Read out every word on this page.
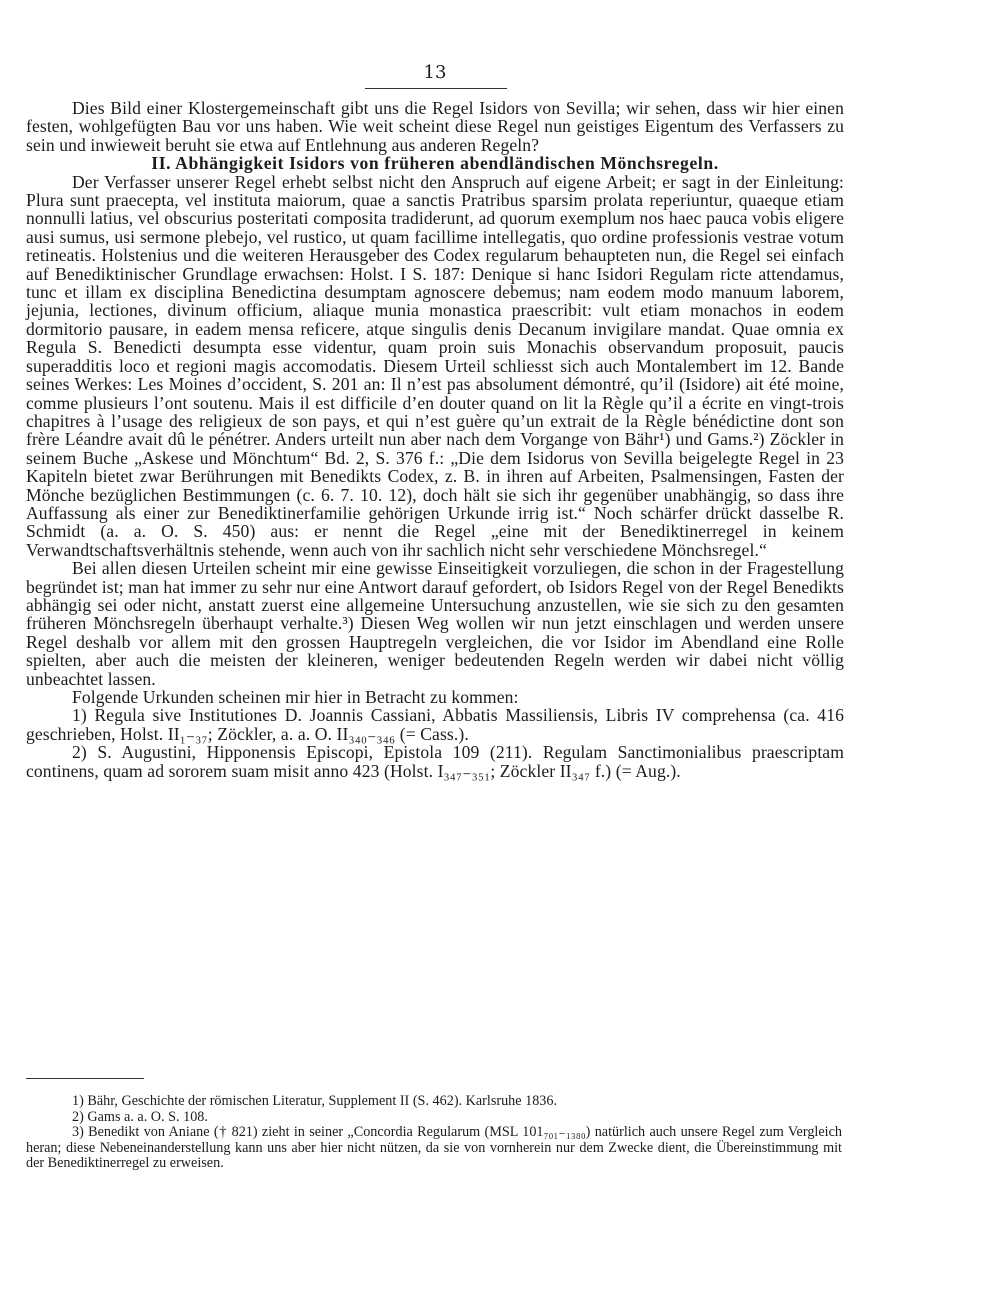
13

Dies Bild einer Klostergemeinschaft gibt uns die Regel Isidors von Sevilla; wir sehen, dass wir hier einen festen, wohlgefügten Bau vor uns haben. Wie weit scheint diese Regel nun geistiges Eigentum des Verfassers zu sein und inwieweit beruht sie etwa auf Entlehnung aus anderen Regeln?

II. Abhängigkeit Isidors von früheren abendländischen Mönchsregeln.

Der Verfasser unserer Regel erhebt selbst nicht den Anspruch auf eigene Arbeit; er sagt in der Einleitung: Plura sunt praecepta, vel instituta maiorum, quae a sanctis Pratribus sparsim prolata reperiuntur, quaeque etiam nonnulli latius, vel obscurius posteritati composita tradiderunt, ad quorum exemplum nos haec pauca vobis eligere ausi sumus, usi sermone plebejo, vel rustico, ut quam facillime intellegatis, quo ordine professionis vestrae votum retineatis. Holstenius und die weiteren Herausgeber des Codex regularum behaupteten nun, die Regel sei einfach auf Benediktinischer Grundlage erwachsen: Holst. I S. 187: Denique si hanc Isidori Regulam ricte attendamus, tunc et illam ex disciplina Benedictina desumptam agnoscere debemus; nam eodem modo manuum laborem, jejunia, lectiones, divinum officium, aliaque munia monastica praescribit: vult etiam monachos in eodem dormitorio pausare, in eadem mensa reficere, atque singulis denis Decanum invigilare mandat. Quae omnia ex Regula S. Benedicti desumpta esse videntur, quam proin suis Monachis observandum proposuit, paucis superadditis loco et regioni magis accomodatis. Diesem Urteil schliesst sich auch Montalembert im 12. Bande seines Werkes: Les Moines d’occident, S. 201 an: Il n’est pas absolument démontré, qu’il (Isidore) ait été moine, comme plusieurs l’ont soutenu. Mais il est difficile d’en douter quand on lit la Règle qu’il a écrite en vingt-trois chapitres à l’usage des religieux de son pays, et qui n’est guère qu’un extrait de la Règle bénédictine dont son frère Léandre avait dû le pénétrer. Anders urteilt nun aber nach dem Vorgange von Bähr¹) und Gams.²) Zöckler in seinem Buche „Askese und Mönchtum“ Bd. 2, S. 376 f.: „Die dem Isidorus von Sevilla beigelegte Regel in 23 Kapiteln bietet zwar Berührungen mit Benedikts Codex, z. B. in ihren auf Arbeiten, Psalmensingen, Fasten der Mönche bezüglichen Bestimmungen (c. 6. 7. 10. 12), doch hält sie sich ihr gegenüber unabhängig, so dass ihre Auffassung als einer zur Benediktinerfamilie gehörigen Urkunde irrig ist.“ Noch schärfer drückt dasselbe R. Schmidt (a. a. O. S. 450) aus: er nennt die Regel „eine mit der Benediktinerregel in keinem Verwandtschaftsverhältnis stehende, wenn auch von ihr sachlich nicht sehr verschiedene Mönchsregel.“

Bei allen diesen Urteilen scheint mir eine gewisse Einseitigkeit vorzuliegen, die schon in der Fragestellung begründet ist; man hat immer zu sehr nur eine Antwort darauf gefordert, ob Isidors Regel von der Regel Benedikts abhängig sei oder nicht, anstatt zuerst eine allgemeine Untersuchung anzustellen, wie sie sich zu den gesamten früheren Mönchsregeln überhaupt verhalte.³) Diesen Weg wollen wir nun jetzt einschlagen und werden unsere Regel deshalb vor allem mit den grossen Hauptregeln vergleichen, die vor Isidor im Abendland eine Rolle spielten, aber auch die meisten der kleineren, weniger bedeutenden Regeln werden wir dabei nicht völlig unbeachtet lassen.

Folgende Urkunden scheinen mir hier in Betracht zu kommen:

1) Regula sive Institutiones D. Joannis Cassiani, Abbatis Massiliensis, Libris IV comprehensa (ca. 416 geschrieben, Holst. II₁₋₃₇; Zöckler, a. a. O. II₃₄₀₋₃₄₆ (= Cass.).

2) S. Augustini, Hipponensis Episcopi, Epistola 109 (211). Regulam Sanctimonialibus praescriptam continens, quam ad sororem suam misit anno 423 (Holst. I₃₄₇₋₃₅₁; Zöckler II₃₄₇ f.) (= Aug.).

1) Bähr, Geschichte der römischen Literatur, Supplement II (S. 462). Karlsruhe 1836.

2) Gams a. a. O. S. 108.

3) Benedikt von Aniane († 821) zieht in seiner „Concordia Regularum (MSL 101₇₀₁₋₁₃₈₀) natürlich auch unsere Regel zum Vergleich heran; diese Nebeneinanderstellung kann uns aber hier nicht nützen, da sie von vornherein nur dem Zwecke dient, die Übereinstimmung mit der Benediktinerregel zu erweisen.
